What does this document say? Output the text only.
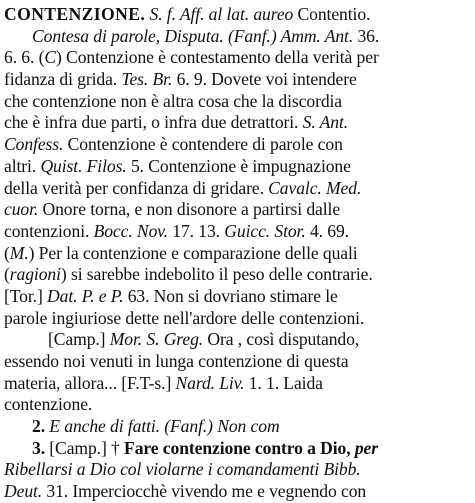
CONTENZIONE. S. f. Aff. al lat. aureo Contentio.
Contesa di parole, Disputa. (Fanf.) Amm. Ant. 36.
6. 6. (C) Contenzione è contestamento della verità per
fidanza di grida. Tes. Br. 6. 9. Dovete voi intendere
che contenzione non è altra cosa che la discordia
che è infra due parti, o infra due detrattori. S. Ant.
Confess. Contenzione è contendere di parole con
altri. Quist. Filos. 5. Contenzione è impugnazione
della verità per confidanza di gridare. Cavalc. Med.
cuor. Onore torna, e non disonore a partirsi dalle
contenzioni. Bocc. Nov. 17. 13. Guicc. Stor. 4. 69.
(M.) Per la contenzione e comparazione delle quali
(ragioni) si sarebbe indebolito il peso delle contrarie.
[Tor.] Dat. P. e P. 63. Non si dovriano stimare le
parole ingiuriose dette nell'ardore delle contenzioni.
[Camp.] Mor. S. Greg. Ora , così disputando,
essendo noi venuti in lunga contenzione di questa
materia, allora... [F.T-s.] Nard. Liv. 1. 1. Laida
contenzione.
2. E anche di fatti. (Fanf.) Non com
3. [Camp.] † Fare contenzione contro a Dio, per
Ribellarsi a Dio col violarne i comandamenti Bibb.
Deut. 31. Imperciocchè vivendo me e vegnendo con
